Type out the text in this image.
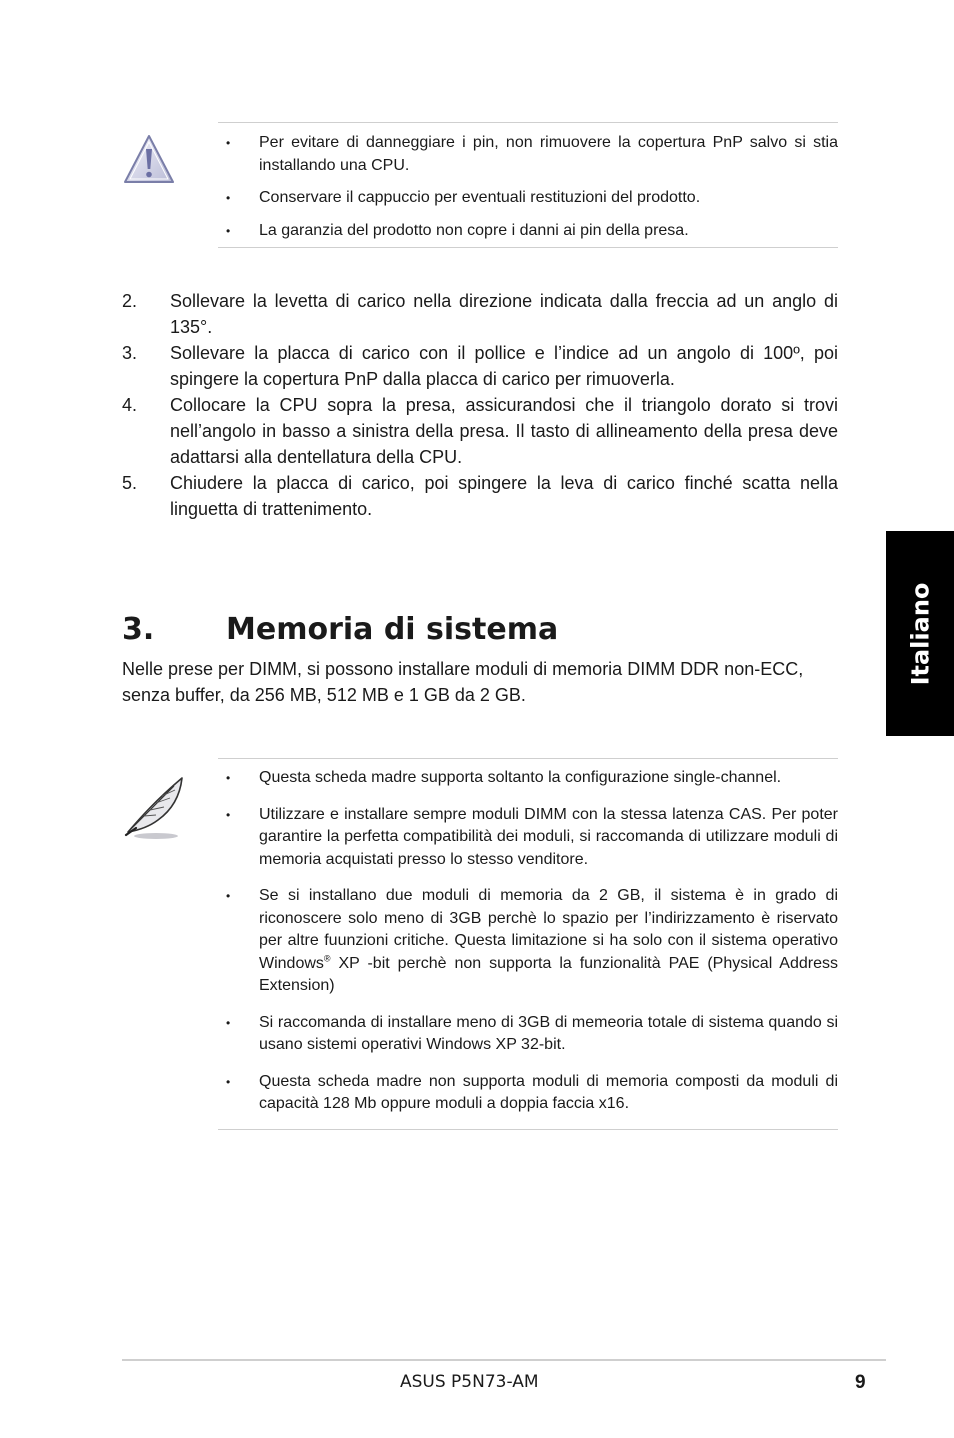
• Per evitare di danneggiare i pin, non rimuovere la copertura PnP salvo si stia installando una CPU.
• Conservare il cappuccio per eventuali restituzioni del prodotto.
• La garanzia del prodotto non copre i danni ai pin della presa.
2. Sollevare la levetta di carico nella direzione indicata dalla freccia ad un anglo di 135°.
3. Sollevare la placca di carico con il pollice e l’indice ad un angolo di 100º, poi spingere la copertura PnP dalla placca di carico per rimuoverla.
4. Collocare la CPU sopra la presa, assicurandosi che il triangolo dorato si trovi nell’angolo in basso a sinistra della presa. Il tasto di allineamento della presa deve adattarsi alla dentellatura della CPU.
5. Chiudere la placca di carico, poi spingere la leva di carico finché scatta nella linguetta di trattenimento.
3. Memoria di sistema

Nelle prese per DIMM, si possono installare moduli di memoria DIMM DDR non-ECC, senza buffer, da 256 MB, 512 MB e 1 GB da 2 GB.

• Questa scheda madre supporta soltanto la configurazione single-channel.
• Utilizzare e installare sempre moduli DIMM con la stessa latenza CAS. Per poter garantire la perfetta compatibilità dei moduli, si raccomanda di utilizzare moduli di memoria acquistati presso lo stesso venditore.
• Se si installano due moduli di memoria da 2 GB, il sistema è in grado di riconoscere solo meno di 3GB perchè lo spazio per l’indirizzamento è riservato per altre fuunzioni critiche. Questa limitazione si ha solo con il sistema operativo Windows® XP -bit perchè non supporta la funzionalità PAE (Physical Address Extension)
• Si raccomanda di installare meno di 3GB di memeoria totale di sistema quando si usano sistemi operativi Windows XP 32-bit.
• Questa scheda madre non supporta moduli di memoria composti da moduli di capacità 128 Mb oppure moduli a doppia faccia x16.
Italiano
ASUS P5N73-AM	9
